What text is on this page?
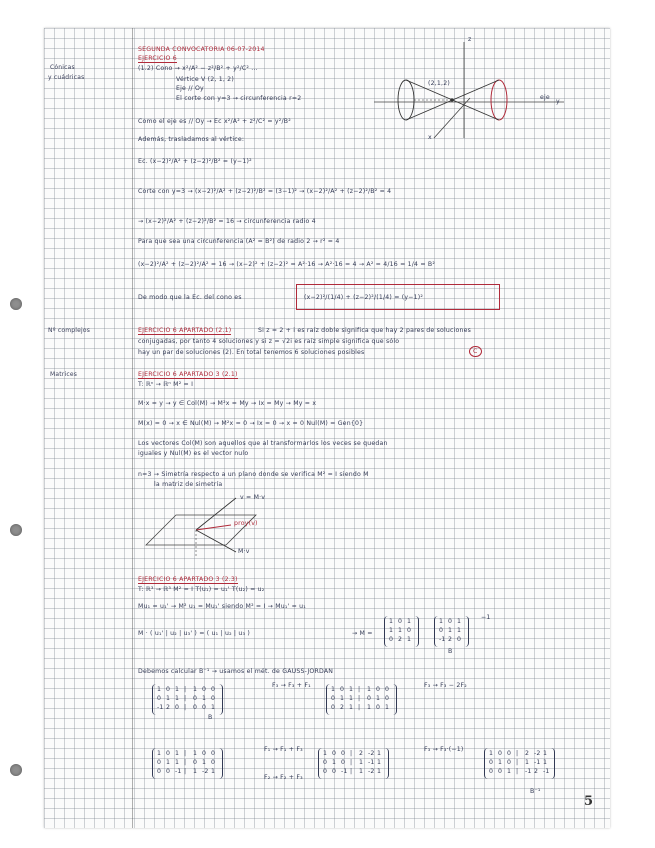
Cónicas
y cuádricas
Nº complejos
Matrices
SEGUNDA CONVOCATORIA 06-07-2014
EJERCICIO 6
(1.2) Cono → x²/A² − z²/B² + y²/C² ...
Vértice V (2, 1, 2)
Eje // Oy
El corte con y=3 → circunferencia r=2
Como el eje es // Oy → Ec x²/A² + z²/C² = y²/B²
Además, trasladamos al vértice:
Ec. (x−2)²/A² + (z−2)²/B² = (y−1)²
Corte con y=3 → (x−2)²/A² + (z−2)²/B² = (3−1)² → (x−2)²/A² + (z−2)²/B² = 4
→ (x−2)²/A² + (z−2)²/B² = 16 → circunferencia radio 4
Para que sea una circunferencia (A² = B²) de radio 2 → r² = 4
(x−2)²/A² + (z−2)²/A² = 16 → (x−2)² + (z−2)² = A²·16 → A²·16 = 4 → A² = 4/16 = 1/4 = B²
De modo que la Ec. del cono es	(x−2)²/(1/4) + (z−2)²/(1/4) = (y−1)²
(2,1,2)
z
y
eje
x
EJERCICIO 6 APARTADO (2.1)	Si z = 2 + i es raíz doble significa que hay 2 pares de soluciones
conjugadas, por tanto 4 soluciones y si z = √2i es raíz simple significa que sólo
hay un par de soluciones (2). En total tenemos 6 soluciones posibles	C
EJERCICIO 6 APARTADO 3 (2.1)
T: ℝⁿ → ℝⁿ M² = I
M·x = y → y ∈ Col(M) → M²x = My → Ix = My → My = x
M(x) = 0 → x ∈ Nul(M) → M²x = 0 → Ix = 0 → x = 0 Nul(M) = Gen{0}
Los vectores Col(M) son aquellos que al transformarlos los veces se quedan
iguales y Nul(M) es el vector nulo
n=3 → Simetría respecto a un plano donde se verifica M² = I siendo M
la matriz de simetría
v = M·v
proy(v)
M·v
EJERCICIO 6 APARTADO 3 (2.3)
T: ℝ³ → ℝ³ M² = I T(u₁) = u₁' T(u₂) = u₂
Mu₁ = u₁' → M² u₁ = Mu₁' siendo M² = I → Mu₁' = u₁
M · ( u₁' | u₂ | u₃' ) = ( u₁ | u₂ | u₃ )	→ M =
1 0 1
1 1 0
0 2 1
1 0 1
0 1 1
-1 2 0
−1
B
Debemos calcular B⁻¹ → usamos el mét. de GAUSS-JORDAN
1 0 1 | 1 0 0
0 1 1 | 0 1 0
-1 2 0 | 0 0 1
B
F₃ → F₃ + F₁
1 0 1 | 1 0 0
0 1 1 | 0 1 0
0 2 1 | 1 0 1
F₃ → F₃ − 2F₂
1 0 1 | 1 0 0
0 1 1 | 0 1 0
0 0 -1 | 1 -2 1
F₁ → F₁ + F₃
F₂ → F₂ + F₃
1 0 0 | 2 -2 1
0 1 0 | 1 -1 1
0 0 -1 | 1 -2 1
F₃ → F₃·(−1)
1 0 0 | 2 -2 1
0 1 0 | 1 -1 1
0 0 1 | -1 2 -1
B⁻¹
5
